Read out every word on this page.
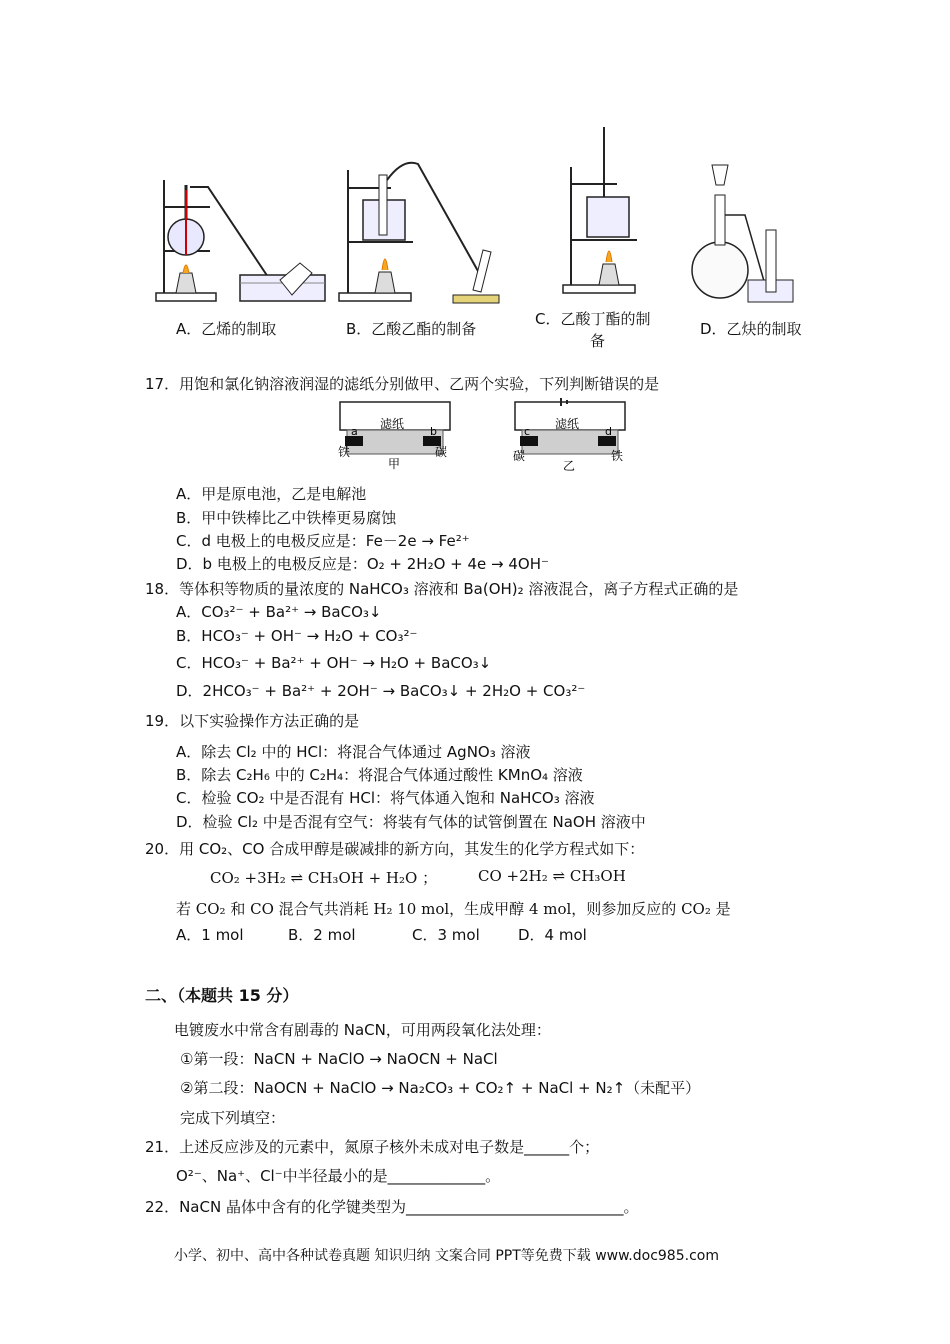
A．乙烯的制取	B．乙酸乙酯的制备
C．乙酸丁酯的制
备
D．乙炔的制取
17．用饱和氯化钠溶液润湿的滤纸分别做甲、乙两个实验，下列判断错误的是
滤纸
a	b
铁	碳
甲
滤纸
c	d
碳	铁
乙
A．甲是原电池，乙是电解池
B．甲中铁棒比乙中铁棒更易腐蚀
C．d 电极上的电极反应是：Fe－2e → Fe²⁺
D．b 电极上的电极反应是：O₂ + 2H₂O + 4e → 4OH⁻
18．等体积等物质的量浓度的 NaHCO₃ 溶液和 Ba(OH)₂ 溶液混合，离子方程式正确的是
A．CO₃²⁻ + Ba²⁺ → BaCO₃↓
B．HCO₃⁻ + OH⁻ → H₂O + CO₃²⁻
C．HCO₃⁻ + Ba²⁺ + OH⁻ → H₂O + BaCO₃↓
D．2HCO₃⁻ + Ba²⁺ + 2OH⁻ → BaCO₃↓ + 2H₂O + CO₃²⁻
19．以下实验操作方法正确的是
A．除去 Cl₂ 中的 HCl：将混合气体通过 AgNO₃ 溶液
B．除去 C₂H₆ 中的 C₂H₄：将混合气体通过酸性 KMnO₄ 溶液
C．检验 CO₂ 中是否混有 HCl：将气体通入饱和 NaHCO₃ 溶液
D．检验 Cl₂ 中是否混有空气：将装有气体的试管倒置在 NaOH 溶液中
20．用 CO₂、CO 合成甲醇是碳减排的新方向，其发生的化学方程式如下：
CO₂ +3H₂ ⇌ CH₃OH + H₂O ；	CO +2H₂ ⇌ CH₃OH
若 CO₂ 和 CO 混合气共消耗 H₂ 10 mol，生成甲醇 4 mol，则参加反应的 CO₂ 是
A．1 mol	B．2 mol	C．3 mol	D．4 mol
二、（本题共 15 分）
电镀废水中常含有剧毒的 NaCN，可用两段氧化法处理：
①第一段：NaCN + NaClO → NaOCN + NaCl
②第二段：NaOCN + NaClO → Na₂CO₃ + CO₂↑ + NaCl + N₂↑（未配平）
完成下列填空：
21．上述反应涉及的元素中，氮原子核外未成对电子数是______个；
O²⁻、Na⁺、Cl⁻中半径最小的是_____________。
22．NaCN 晶体中含有的化学键类型为_____________________________。
小学、初中、高中各种试卷真题 知识归纳 文案合同 PPT等免费下载 www.doc985.com
